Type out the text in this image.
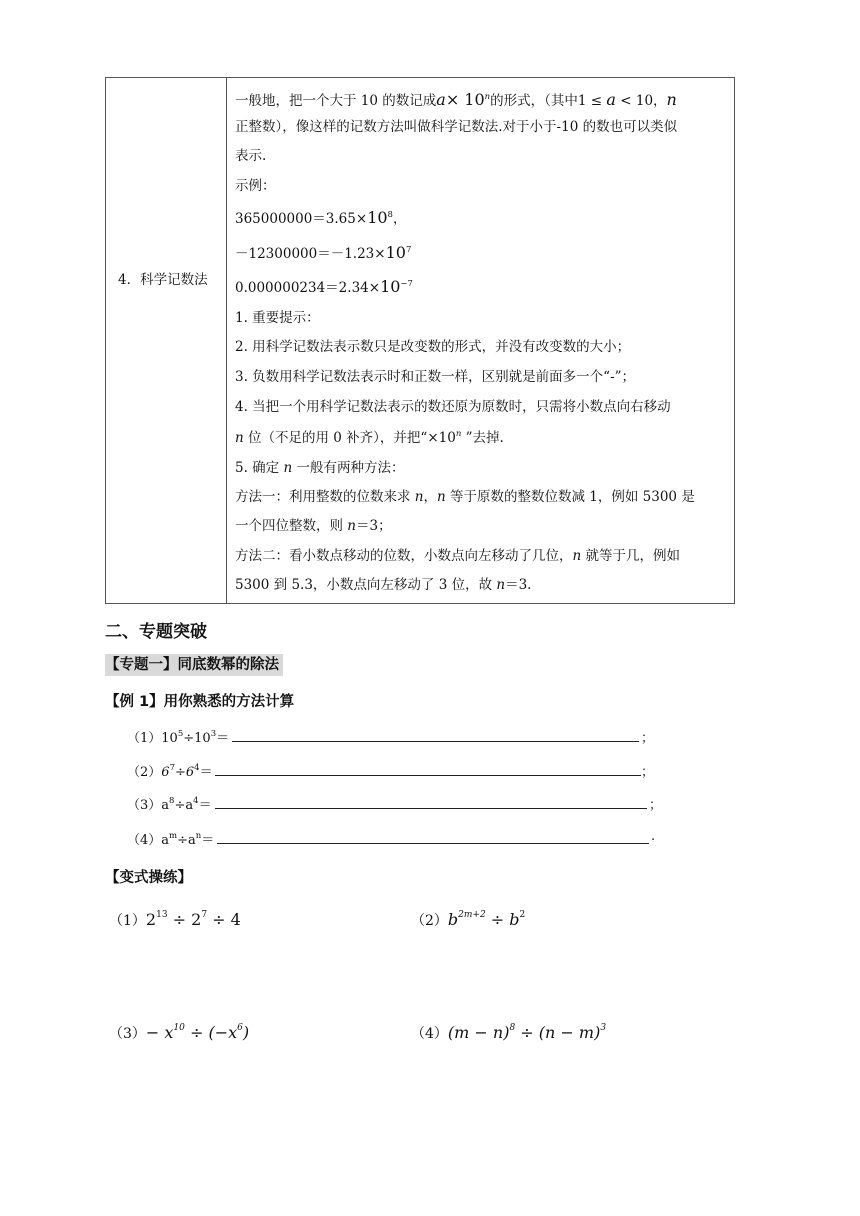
4．科学记数法
一般地，把一个大于 10 的数记成$a\times 10^n$的形式，（其中1 ≤ a < 10，n
正整数），像这样的记数方法叫做科学记数法.对于小于-10 的数也可以类似
表示.
示例：
$365000000=3.65\times 10^8$，
$-12300000=-1.23\times 10^7$
$0.000000234=2.34\times 10^{-7}$
1. 重要提示：
2. 用科学记数法表示数只是改变数的形式，并没有改变数的大小；
3. 负数用科学记数法表示时和正数一样，区别就是前面多一个“-”；
4. 当把一个用科学记数法表示的数还原为原数时，只需将小数点向右移动
n 位（不足的用 0 补齐），并把“$\times 10^n$ ”去掉.
5. 确定 n 一般有两种方法：
方法一：利用整数的位数来求 n，n 等于原数的整数位数减 1，例如 5300 是
一个四位整数，则 n＝3；
方法二：看小数点移动的位数，小数点向左移动了几位，n 就等于几，例如
5300 到 5.3，小数点向左移动了 3 位，故 n＝3.
二、专题突破
【专题一】同底数幂的除法
【例 1】用你熟悉的方法计算
$(1)10^5\div 10^3=$	；
$(2)6^7\div 6^4=$	；
$(3)a^8\div a^4=$	；
$(4)a^m\div a^n=$	.
【变式操练】
$(1)2^{13} \div 2^7 \div 4$	$(2)b^{2m+2} \div b^2$
$(3)- x^{10} \div (-x^6)$	$(4)(m - n)^8 \div (n - m)^3$
